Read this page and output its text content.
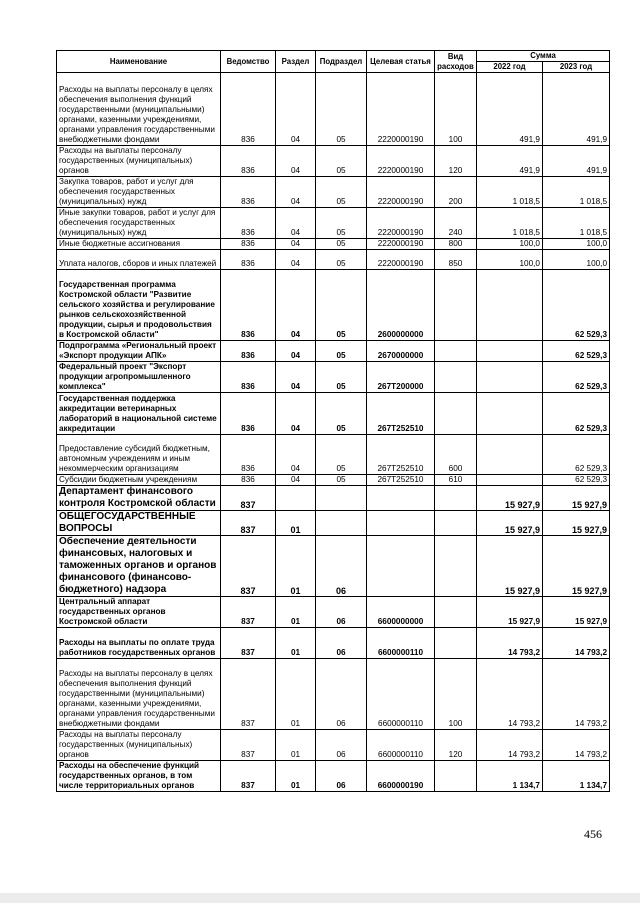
Наименование	Ведомство	Раздел	Подраздел	Целевая статья	Вид расходов	Сумма	
						2022 год	2023 год
Расходы на выплаты персоналу в целях обеспечения выполнения функций государственными (муниципальными) органами, казенными учреждениями, органами управления государственными внебюджетными фондами	836	04	05	2220000190	100	491,9	491,9
Расходы на выплаты персоналу государственных (муниципальных) органов	836	04	05	2220000190	120	491,9	491,9
Закупка товаров, работ и услуг для обеспечения государственных (муниципальных) нужд	836	04	05	2220000190	200	1 018,5	1 018,5
Иные закупки товаров, работ и услуг для обеспечения государственных (муниципальных) нужд	836	04	05	2220000190	240	1 018,5	1 018,5
Иные бюджетные ассигнования	836	04	05	2220000190	800	100,0	100,0
Уплата налогов, сборов и иных платежей	836	04	05	2220000190	850	100,0	100,0
Государственная программа Костромской области "Развитие сельского хозяйства и регулирование рынков сельскохозяйственной продукции, сырья и продовольствия в Костромской области"	836	04	05	2600000000			62 529,3
Подпрограмма «Региональный проект «Экспорт продукции АПК»	836	04	05	2670000000			62 529,3
Федеральный проект "Экспорт продукции агропромышленного комплекса"	836	04	05	267T200000			62 529,3
Государственная поддержка аккредитации ветеринарных лабораторий в национальной системе аккредитации	836	04	05	267T252510			62 529,3
Предоставление субсидий бюджетным, автономным учреждениям и иным некоммерческим организациям	836	04	05	267T252510	600		62 529,3
Субсидии бюджетным учреждениям	836	04	05	267T252510	610		62 529,3
Департамент финансового контроля Костромской области	837					15 927,9	15 927,9
ОБЩЕГОСУДАРСТВЕННЫЕ ВОПРОСЫ	837	01				15 927,9	15 927,9
Обеспечение деятельности финансовых, налоговых и таможенных органов и органов финансового (финансово-бюджетного) надзора	837	01	06			15 927,9	15 927,9
Центральный аппарат государственных органов Костромской области	837	01	06	6600000000		15 927,9	15 927,9
Расходы на выплаты по оплате труда работников государственных органов	837	01	06	6600000110		14 793,2	14 793,2
Расходы на выплаты персоналу в целях обеспечения выполнения функций государственными (муниципальными) органами, казенными учреждениями, органами управления государственными внебюджетными фондами	837	01	06	6600000110	100	14 793,2	14 793,2
Расходы на выплаты персоналу государственных (муниципальных) органов	837	01	06	6600000110	120	14 793,2	14 793,2
Расходы на обеспечение функций государственных органов, в том числе территориальных органов	837	01	06	6600000190		1 134,7	1 134,7
456
